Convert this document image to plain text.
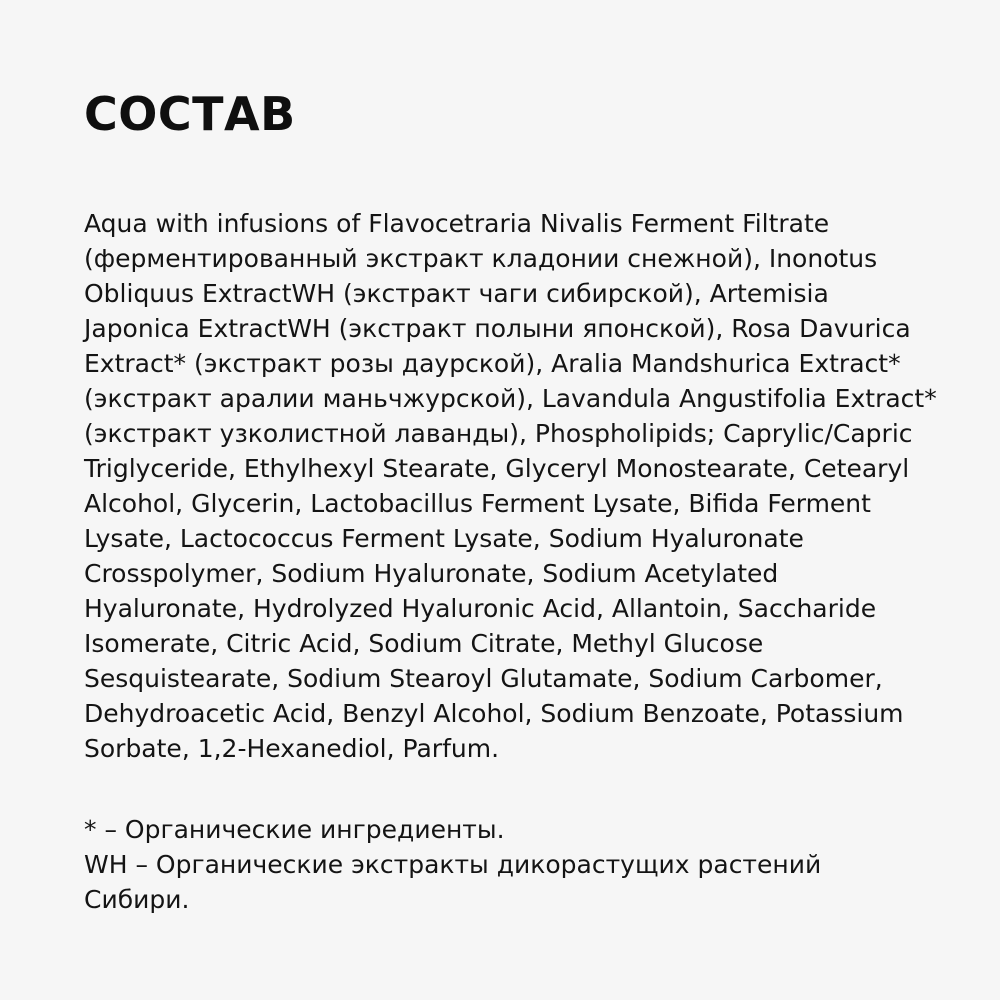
СОСТАВ
Aqua with infusions of Flavocetraria Nivalis Ferment Filtrate
(ферментированный экстракт кладонии снежной), Inonotus
Obliquus ExtractWH (экстракт чаги сибирской), Artemisia
Japonica ExtractWH (экстракт полыни японской), Rosa Davurica
Extract* (экстракт розы даурской), Aralia Mandshurica Extract*
(экстракт аралии маньчжурской), Lavandula Angustifolia Extract*
(экстракт узколистной лаванды), Phospholipids; Caprylic/Capric
Triglyceride, Ethylhexyl Stearate, Glyceryl Monostearate, Cetearyl
Alcohol, Glycerin, Lactobacillus Ferment Lysate, Bifida Ferment
Lysate, Lactococcus Ferment Lysate, Sodium Hyaluronate
Crosspolymer, Sodium Hyaluronate, Sodium Acetylated
Hyaluronate, Hydrolyzed Hyaluronic Acid, Allantoin, Saccharide
Isomerate, Citric Acid, Sodium Citrate, Methyl Glucose
Sesquistearate, Sodium Stearoyl Glutamate, Sodium Carbomer,
Dehydroacetic Acid, Benzyl Alcohol, Sodium Benzoate, Potassium
Sorbate, 1,2-Hexanediol, Parfum.
* – Органические ингредиенты.
WH – Органические экстракты дикорастущих растений
Сибири.
